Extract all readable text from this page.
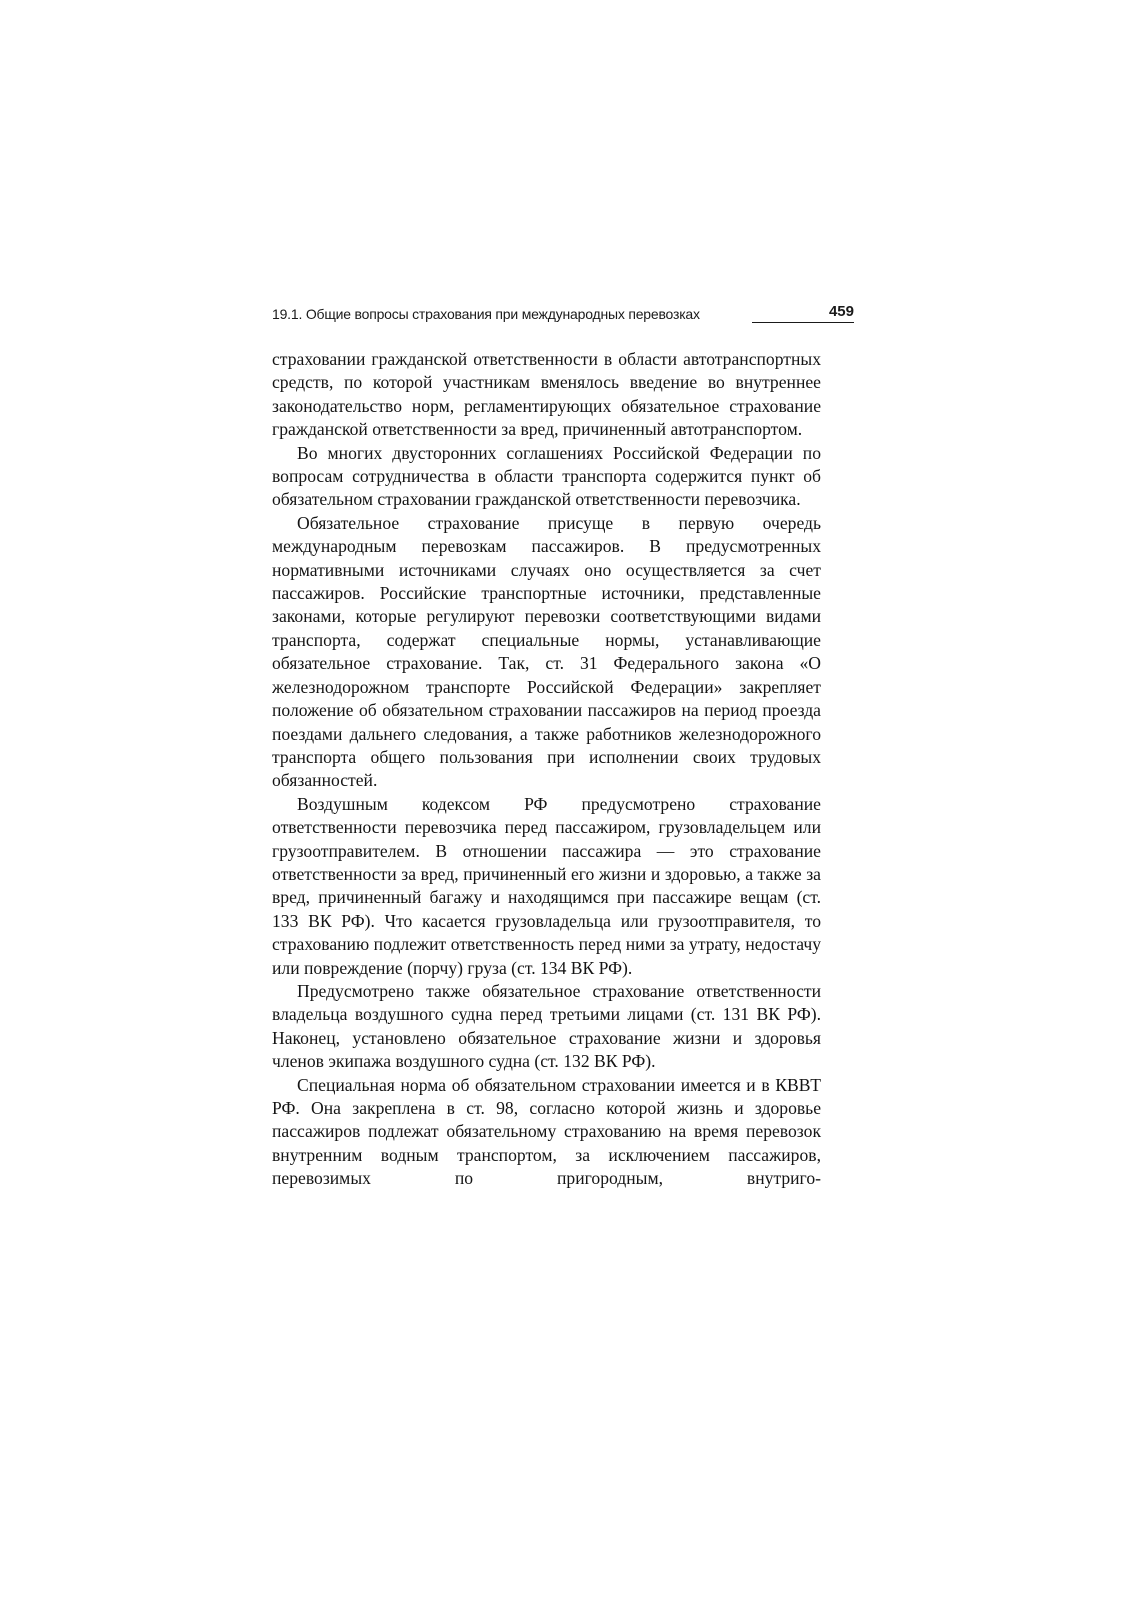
19.1. Общие вопросы страхования при международных перевозках	459

страховании гражданской ответственности в области автотранспортных средств, по которой участникам вменялось введение во внутреннее законодательство норм, регламентирующих обязательное страхование гражданской ответственности за вред, причиненный автотранспортом.

Во многих двусторонних соглашениях Российской Федерации по вопросам сотрудничества в области транспорта содержится пункт об обязательном страховании гражданской ответственности перевозчика.

Обязательное страхование присуще в первую очередь международным перевозкам пассажиров. В предусмотренных нормативными источниками случаях оно осуществляется за счет пассажиров. Российские транспортные источники, представленные законами, которые регулируют перевозки соответствующими видами транспорта, содержат специальные нормы, устанавливающие обязательное страхование. Так, ст. 31 Федерального закона «О железнодорожном транспорте Российской Федерации» закрепляет положение об обязательном страховании пассажиров на период проезда поездами дальнего следования, а также работников железнодорожного транспорта общего пользования при исполнении своих трудовых обязанностей.

Воздушным кодексом РФ предусмотрено страхование ответственности перевозчика перед пассажиром, грузовладельцем или грузоотправителем. В отношении пассажира — это страхование ответственности за вред, причиненный его жизни и здоровью, а также за вред, причиненный багажу и находящимся при пассажире вещам (ст. 133 ВК РФ). Что касается грузовладельца или грузоотправителя, то страхованию подлежит ответственность перед ними за утрату, недостачу или повреждение (порчу) груза (ст. 134 ВК РФ).

Предусмотрено также обязательное страхование ответственности владельца воздушного судна перед третьими лицами (ст. 131 ВК РФ). Наконец, установлено обязательное страхование жизни и здоровья членов экипажа воздушного судна (ст. 132 ВК РФ).

Специальная норма об обязательном страховании имеется и в КВВТ РФ. Она закреплена в ст. 98, согласно которой жизнь и здоровье пассажиров подлежат обязательному страхованию на время перевозок внутренним водным транспортом, за исключением пассажиров, перевозимых по пригородным, внутриго-
